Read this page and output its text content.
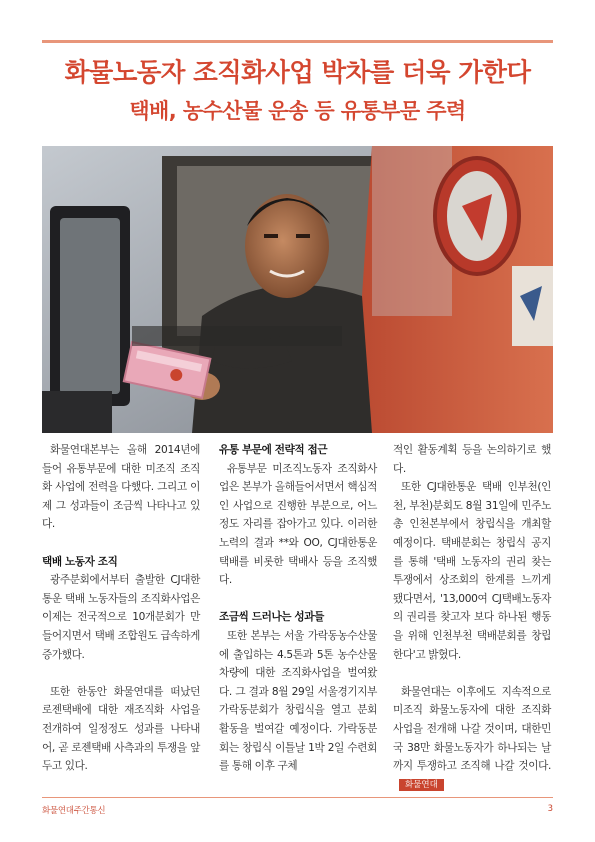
화물노동자 조직화사업 박차를 더욱 가한다
택배, 농수산물 운송 등 유통부문 주력

화물연대본부는 올해 2014년에 들어 유통부문에 대한 미조직 조직화 사업에 전력을 다했다. 그리고 이제 그 성과들이 조금씩 나타나고 있다.

택배 노동자 조직

광주분회에서부터 출발한 CJ대한통운 택배 노동자들의 조직화사업은 이제는 전국적으로 10개분회가 만들어지면서 택배 조합원도 급속하게 증가했다.

또한 한동안 화물연대를 떠났던 로젠택배에 대한 재조직화 사업을 전개하여 일정정도 성과를 나타내어, 곧 로젠택배 사측과의 투쟁을 앞두고 있다.

유통 부문에 전략적 접근

유통부문 미조직노동자 조직화사업은 본부가 올해들어서면서 핵심적인 사업으로 진행한 부분으로, 어느 정도 자리를 잡아가고 있다. 이러한 노력의 결과 **와 OO, CJ대한통운 택배를 비롯한 택배사 등을 조직했다.

조금씩 드러나는 성과들

또한 본부는 서울 가락동농수산물에 출입하는 4.5톤과 5톤 농수산물 차량에 대한 조직화사업을 벌여왔다. 그 결과 8월 29일 서울경기지부 가락동분회가 창립식을 열고 분회 활동을 벌여갈 예정이다. 가락동분회는 창립식 이틀날 1박 2일 수련회를 통해 이후 구체

적인 활동계획 등을 논의하기로 했다.

또한 CJ대한통운 택배 인부천(인천, 부천)분회도 8월 31일에 민주노총 인천본부에서 창립식을 개최할 예정이다. 택배분회는 창립식 공지를 통해 '택배 노동자의 권리 찾는 투쟁에서 상조회의 한계를 느끼게 됐다면서, '13,000여 CJ택배노동자의 권리를 찾고자 보다 하나된 행동을 위해 인천부천 택배분회를 창립한다'고 밝혔다.

화물연대는 이후에도 지속적으로 미조직 화물노동자에 대한 조직화 사업을 전개해 나갈 것이며, 대한민국 38만 화물노동자가 하나되는 날까지 투쟁하고 조직해 나갈 것이다.화물연대

화물연대주간통신	3
